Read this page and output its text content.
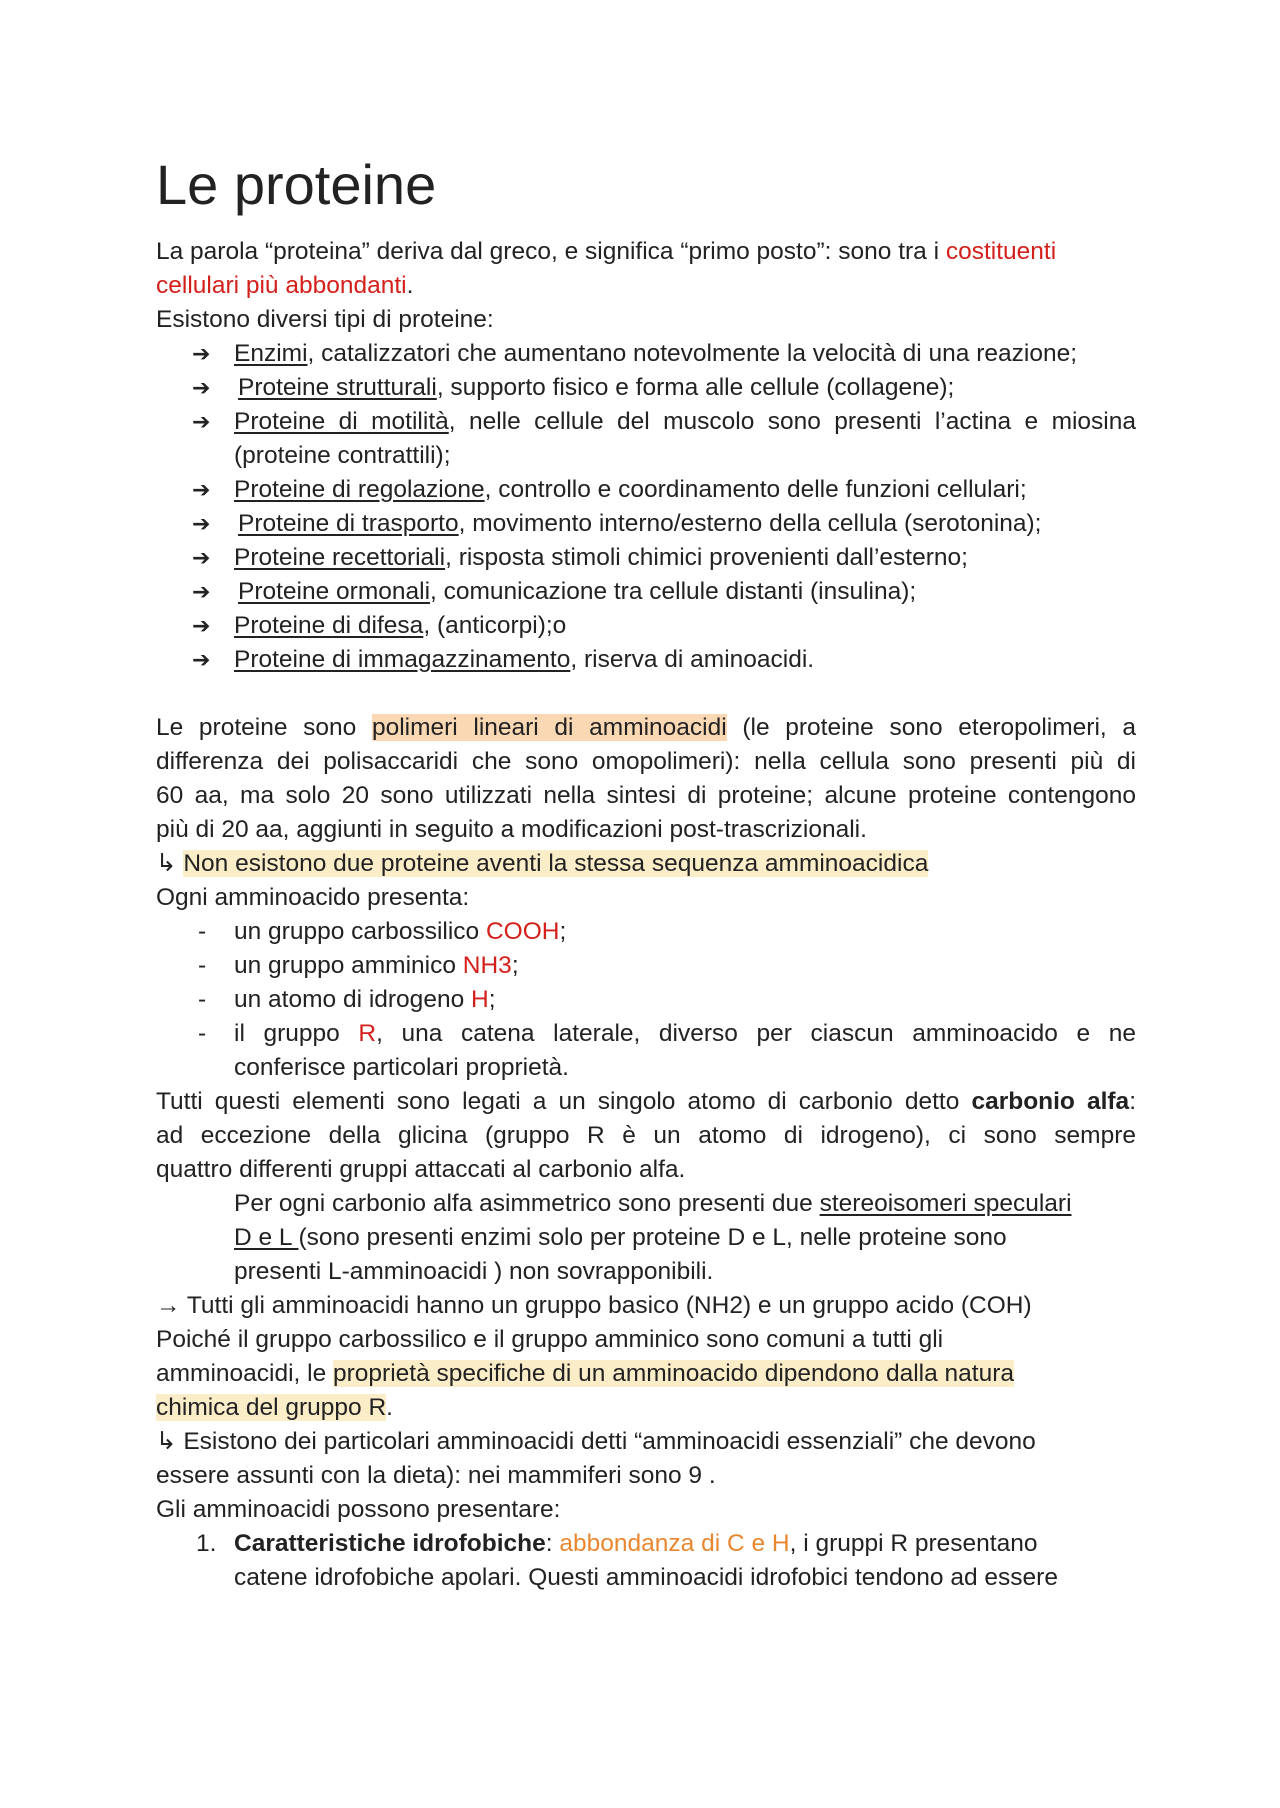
Le proteine
La parola “proteina” deriva dal greco, e significa “primo posto”: sono tra i costituenti
cellulari più abbondanti.
Esistono diversi tipi di proteine:
➔ Enzimi, catalizzatori che aumentano notevolmente la velocità di una reazione;
➔ Proteine strutturali, supporto fisico e forma alle cellule (collagene);
➔ Proteine di motilità, nelle cellule del muscolo sono presenti l’actina e miosina
(proteine contrattili);
➔ Proteine di regolazione, controllo e coordinamento delle funzioni cellulari;
➔ Proteine di trasporto, movimento interno/esterno della cellula (serotonina);
➔ Proteine recettoriali, risposta stimoli chimici provenienti dall’esterno;
➔ Proteine ormonali, comunicazione tra cellule distanti (insulina);
➔ Proteine di difesa, (anticorpi);o
➔ Proteine di immagazzinamento, riserva di aminoacidi.
Le proteine sono polimeri lineari di amminoacidi (le proteine sono eteropolimeri, a
differenza dei polisaccaridi che sono omopolimeri): nella cellula sono presenti più di
60 aa, ma solo 20 sono utilizzati nella sintesi di proteine; alcune proteine contengono
più di 20 aa, aggiunti in seguito a modificazioni post-trascrizionali.
↳ Non esistono due proteine aventi la stessa sequenza amminoacidica
Ogni amminoacido presenta:
- un gruppo carbossilico COOH;
- un gruppo amminico NH3;
- un atomo di idrogeno H;
- il gruppo R, una catena laterale, diverso per ciascun amminoacido e ne
conferisce particolari proprietà.
Tutti questi elementi sono legati a un singolo atomo di carbonio detto carbonio alfa:
ad eccezione della glicina (gruppo R è un atomo di idrogeno), ci sono sempre
quattro differenti gruppi attaccati al carbonio alfa.
Per ogni carbonio alfa asimmetrico sono presenti due stereoisomeri speculari
D e L (sono presenti enzimi solo per proteine D e L, nelle proteine sono
presenti L-amminoacidi ) non sovrapponibili.
→ Tutti gli amminoacidi hanno un gruppo basico (NH2) e un gruppo acido (COH)
Poiché il gruppo carbossilico e il gruppo amminico sono comuni a tutti gli
amminoacidi, le proprietà specifiche di un amminoacido dipendono dalla natura
chimica del gruppo R.
↳ Esistono dei particolari amminoacidi detti “amminoacidi essenziali” che devono
essere assunti con la dieta): nei mammiferi sono 9 .
Gli amminoacidi possono presentare:
1. Caratteristiche idrofobiche: abbondanza di C e H, i gruppi R presentano
catene idrofobiche apolari. Questi amminoacidi idrofobici tendono ad essere
